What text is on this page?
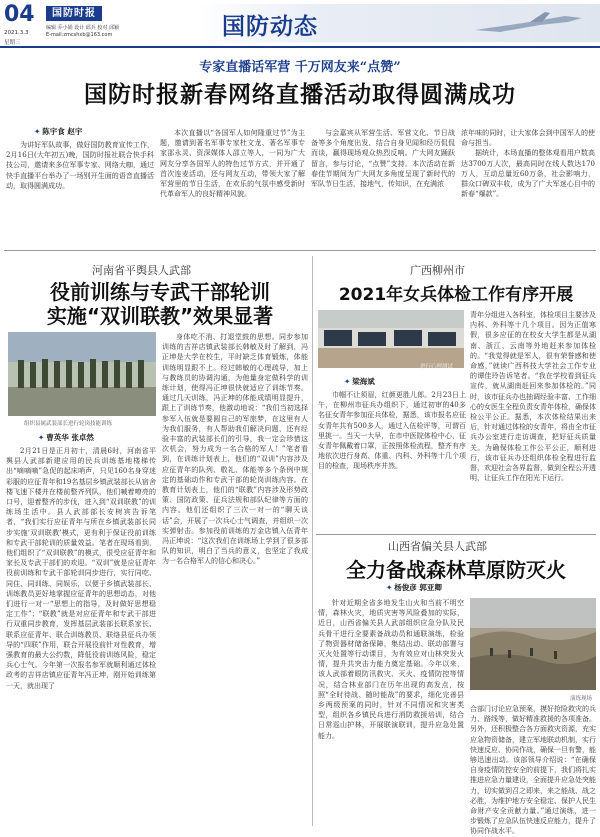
04
2021.3.3
星期三
国防时报
编辑 乔小娟 设计 邱兵 校对 邱颖
E-mail:zmcshxb@163.com	国防动态
专家直播话军营 千万网友来“点赞”
国防时报新春网络直播活动取得圆满成功
✦ 陈宇食 赵宇

为讲好军队故事，做好国防教育宣传工作，2月16日(大年初五)晚，国防时报社联合快手科技公司，邀请来多位军事专家、网络大咖，通过快手直播平台举办了一场别开生面的语音直播活动，取得圆满成功。

本次直播以“各国军人如何隆重过节”为主题，邀请到著名军事专家杜文龙、著名军事专家邵永灵、资深媒体人邵立等人，一同为广大网友分享各国军人的特色过节方式，并开通了首次连麦活动，还与网友互动，带领大家了解军营里的节日生活，在欢乐的气氛中感受新时代革命军人的良好精神风貌。

与会嘉宾从军营生活、军营文化、节日战备等多个角度出发，结合自身见闻和经历侃侃而谈，赢得现场观众热烈反响。广大网友踊跃留言，参与讨论，“点赞”支持。本次活动在新春佳节期间为广大网友多角度呈现了新时代的军队节日生活，接地气，传知识，在充满浓

浓年味的同时，让大家体会到中国军人的使命与担当。

据统计，本场直播的整体观看用户数高达3700万人次，最高同时在线人数达170万人，互动总量近60万条，社会影响力，群众口碑双丰收，成为了广大军迷心目中的新春“爆款”。

河南省平舆县人武部
役前训练与专武干部轮训
实施“双训联教”效果显著
组织县属武装部长进行轮岗技能训练
✦ 曹英华 张卓然

2月21日是正月初十，清晨6时，河南省平舆县人武部新建应用的民兵训练基地楼梯传出“嘀嘀嘀”急促的起床哨声，只见160名身穿迷彩服的应征青年和19名基层乡镇武装部长从宿舍楼飞速下楼并在楼前整齐列队，他们喊着嘹亮的口号，迎着整齐的步伐，进入到“双训联教”的训练场生活中。县人武部部长安树宾告诉笔者，“我们实行应征青年与所在乡镇武装部长同步实施‘双训联教’模式，更有利于保证役前训练和专武干部轮训的质量效益。笔者在现场看到，他们组织了“双训联教”的模式，很受应征青年和家长及专武干部们的欢迎。“双训”就是应征青年役前训练和专武干部轮训同步进行，实行同吃、同住、同训练、同娱乐，以便于乡镇武装部长、训练教员更好地掌握应征青年的思想动态，对他们进行一对一“思想上的指导，及时做好思想稳定工作”；“联教”就是对应征青年和专武干部进行双重同步教育，发挥基层武装部长联系家长、联系应征青年、联合训练教员、联络县征兵办领导的“四联”作用，联合开展役前针对性教育，增强教育的最大公约数，降低役前训练风险，稳定兵心士气。今年第一次报名参军就顺利通过体检政考的吉祥店镇应征青年冯正坤，刚开始训练第一天，就出现了

身体吃不消、打退堂鼓的思想。同步参加训练的吉祥店镇武装部长韩敏及时了解到，冯正坤是大学在校生，平时缺乏体育锻炼，体能训练明显跟不上。经过韩敏的心理疏导，加上与教练员的协调沟通，为他量身定做科学的训练计划，使得冯正坤很快就适应了训练节奏。通过几天训练，冯正坤的体能成绩明显提升，跟上了训练节奏，他激动地说：“我们当初选择参军入伍就是要圆自己的军旅梦，在这里有人为我们服务，有人帮助我们解决问题，还有经验丰富的武装部长们的引导，我一定会珍惜这次机会，努力成为一名合格的军人！”笔者看到，在训练计划表上，他们的“双训”内容涉及应征青年的队列、敬礼、体能等多个条例中规定的基础动作和专武干部的轮岗训练内容。在教育计划表上，他们的“联教”内容涉及形势政策、国防政策、征兵法规和部队纪律等方面的内容。他们还组织了三次一对一的“聊天谈话”会，开展了一次兵心士气调查，并组织一次实弹射击。参加役前训练的万金店镇入伍青年冯正坤说：“这次我们在训练场上学到了很多部队的知识，明白了当兵的意义，也坚定了我成为一名合格军人的信心和决心。”

广西柳州市
2021年女兵体检工作有序开展
进行心理测试
✦ 梁海斌

巾帼不让须眉，红颜更胜儿郎。2月23日上午，在柳州市征兵办组织下，通过初审的40多名征女青年参加征兵体检，据悉，该市报名应征女青年共有500多人，通过入伍检评等，可谓百里挑一。当天一大早，在市中医院体检中心，征女青年佩戴着口罩，正按照体检流程，整齐有序地依次进行身高、体重、内科、外科等十几个项目的检查，现场秩序井然。

青年分组进入各科室，体检项目主要涉及内科、外科等十几个项目。因为正值寒假，很多应征的在校女大学生都是从湖南、浙江、云南等外地赶来参加体检的。“我觉得就是军人，很有荣誉感和使命感，”就读广西科技大学社会工作专业的谭佳玲告诉笔者。“我在学校看到征兵宣传，就从湖南赶回来参加体检的。”同时，该市征兵办也抽调经验丰富、工作细心的女医生全程负责女青年体检，确保体检公平公正。据悉，本次体检结果出来后，针对通过体检的女青年，将由全市征兵办公室进行走访调查，把好征兵质量关。为确保体检工作公平公正，顺利进行，该市征兵办还组织体检全程进行监督，欢迎社会各界监督，做到全程公开透明，让征兵工作在阳光下运行。

山西省偏关县人武部
全力备战森林草原防灭火
✦ 杨俊彦 郭亚卿

针对近期全省多地发生山火和当前不明空情，森林火灾，地质灾害等风险叠加的实际，近日，山西省偏关县人武部组织应急分队及民兵骨干进行全要素备战动员和通联演练，检验了物资器材储备保障，集结出动、联动部署与灭火处置等行动课目，为有效应对山林突发火情，提升共突击力能力奠定基础。今年以来，该人武部着眼防汛救灾、灭火、疫情防控等情况，结合林业部门在历年出现的高发点，按照“全时待战、随时能战”的要求，细化完善县乡两级预案的同时，针对不同情况和灾害类型，组织各乡镇民兵进行消防救援培训，结合日常巡山护林，开展联演联训，提升应急处置能力。

演练现场

合部门讨论应急预案，摸好抢险救灾的兵力、路线等，做好精准救援的各项准备。另外，还积极整合各方面救灾资源，充实应急物资储备，建立军地联动机制，实行快速反应、协同作战，确保一旦有警，能够迅速出动。该部领导介绍说：“在确保自身疫情防控安全的前提下，我们将扎实推进应急力量建设，全面提升应急处突能力，切实做到召之即来、来之能战、战之必胜，为维护地方安全稳定、保护人民生命财产安全贡献力量。”通过演练，进一步锻炼了应急队伍快速反应能力，提升了协同作战水平。
